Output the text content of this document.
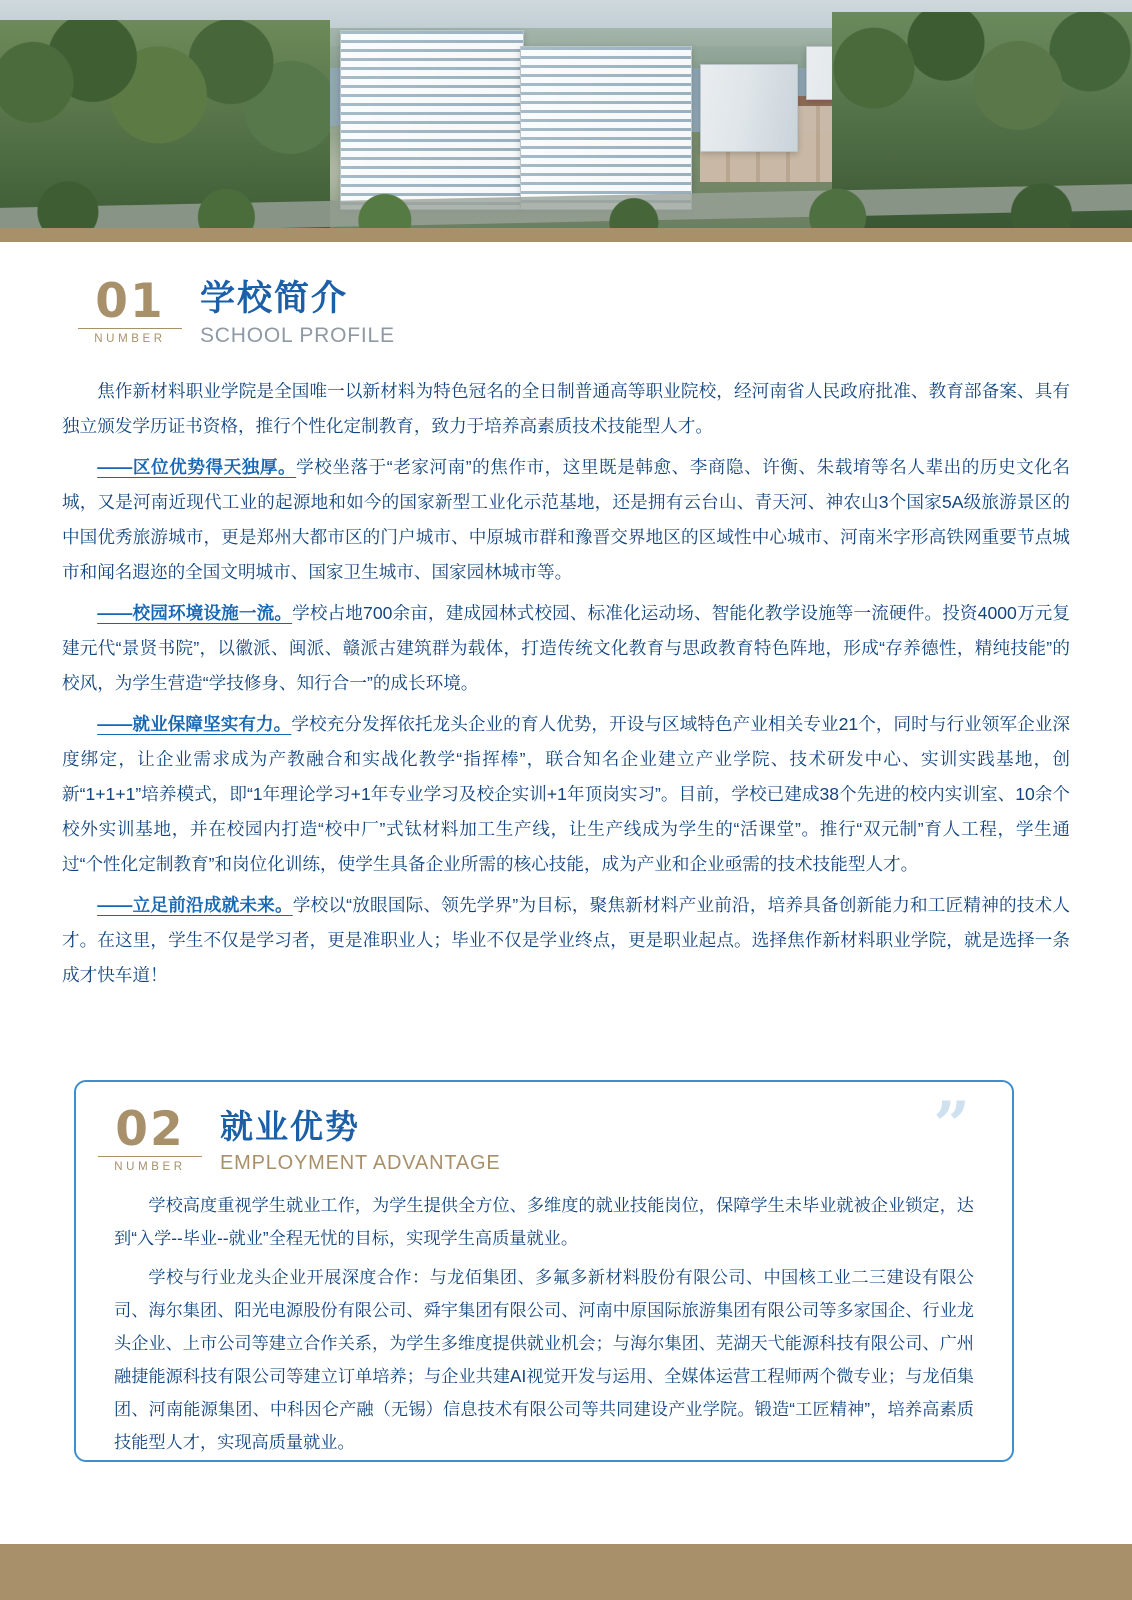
01
NUMBER
学校简介
SCHOOL PROFILE

焦作新材料职业学院是全国唯一以新材料为特色冠名的全日制普通高等职业院校，经河南省人民政府批准、教育部备案、具有独立颁发学历证书资格，推行个性化定制教育，致力于培养高素质技术技能型人才。

——区位优势得天独厚。学校坐落于“老家河南”的焦作市，这里既是韩愈、李商隐、许衡、朱载堉等名人辈出的历史文化名城，又是河南近现代工业的起源地和如今的国家新型工业化示范基地，还是拥有云台山、青天河、神农山3个国家5A级旅游景区的中国优秀旅游城市，更是郑州大都市区的门户城市、中原城市群和豫晋交界地区的区域性中心城市、河南米字形高铁网重要节点城市和闻名遐迩的全国文明城市、国家卫生城市、国家园林城市等。

——校园环境设施一流。学校占地700余亩，建成园林式校园、标准化运动场、智能化教学设施等一流硬件。投资4000万元复建元代“景贤书院”，以徽派、闽派、赣派古建筑群为载体，打造传统文化教育与思政教育特色阵地，形成“存养德性，精纯技能”的校风，为学生营造“学技修身、知行合一”的成长环境。

——就业保障坚实有力。学校充分发挥依托龙头企业的育人优势，开设与区域特色产业相关专业21个，同时与行业领军企业深度绑定，让企业需求成为产教融合和实战化教学“指挥棒”，联合知名企业建立产业学院、技术研发中心、实训实践基地，创新“1+1+1”培养模式，即“1年理论学习+1年专业学习及校企实训+1年顶岗实习”。目前，学校已建成38个先进的校内实训室、10余个校外实训基地，并在校园内打造“校中厂”式钛材料加工生产线，让生产线成为学生的“活课堂”。推行“双元制”育人工程，学生通过“个性化定制教育”和岗位化训练，使学生具备企业所需的核心技能，成为产业和企业亟需的技术技能型人才。

——立足前沿成就未来。学校以“放眼国际、领先学界”为目标，聚焦新材料产业前沿，培养具备创新能力和工匠精神的技术人才。在这里，学生不仅是学习者，更是准职业人；毕业不仅是学业终点，更是职业起点。选择焦作新材料职业学院，就是选择一条成才快车道！

”
02
NUMBER
就业优势
EMPLOYMENT ADVANTAGE

学校高度重视学生就业工作，为学生提供全方位、多维度的就业技能岗位，保障学生未毕业就被企业锁定，达到“入学--毕业--就业”全程无忧的目标，实现学生高质量就业。

学校与行业龙头企业开展深度合作：与龙佰集团、多氟多新材料股份有限公司、中国核工业二三建设有限公司、海尔集团、阳光电源股份有限公司、舜宇集团有限公司、河南中原国际旅游集团有限公司等多家国企、行业龙头企业、上市公司等建立合作关系，为学生多维度提供就业机会；与海尔集团、芜湖天弋能源科技有限公司、广州融捷能源科技有限公司等建立订单培养；与企业共建AI视觉开发与运用、全媒体运营工程师两个微专业；与龙佰集团、河南能源集团、中科因仑产融（无锡）信息技术有限公司等共同建设产业学院。锻造“工匠精神”，培养高素质技能型人才，实现高质量就业。
